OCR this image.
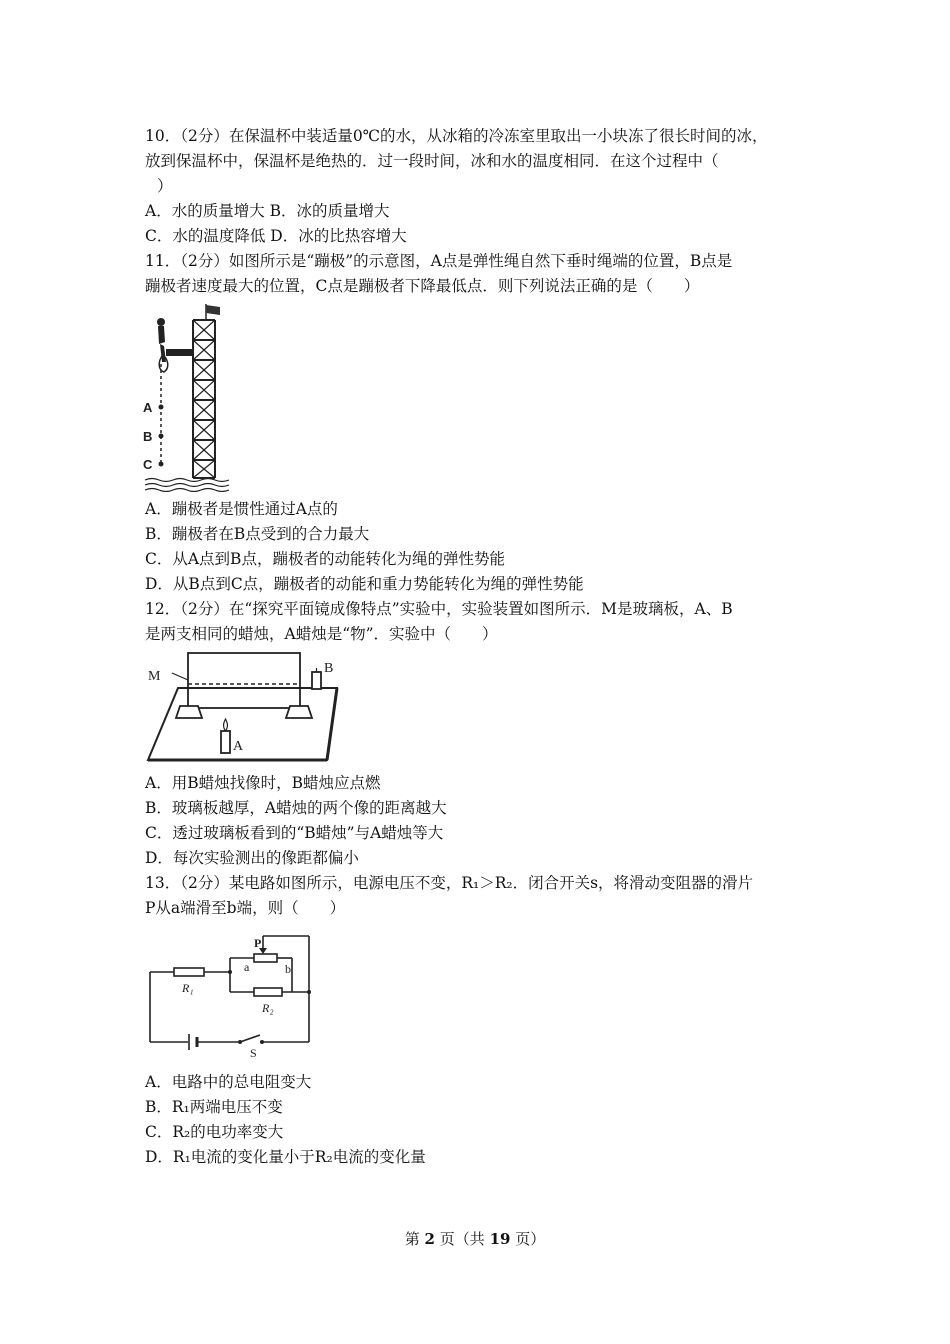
10．（2分）在保温杯中装适量0℃的水，从冰箱的冷冻室里取出一小块冻了很长时间的冰，
放到保温杯中，保温杯是绝热的．过一段时间，冰和水的温度相同．在这个过程中（
）
A．水的质量增大 B．冰的质量增大
C．水的温度降低 D．冰的比热容增大
11．（2分）如图所示是“蹦极”的示意图，A点是弹性绳自然下垂时绳端的位置，B点是
蹦极者速度最大的位置，C点是蹦极者下降最低点．则下列说法正确的是（　　）
A
B
C
A．蹦极者是惯性通过A点的
B．蹦极者在B点受到的合力最大
C．从A点到B点，蹦极者的动能转化为绳的弹性势能
D．从B点到C点，蹦极者的动能和重力势能转化为绳的弹性势能
12．（2分）在“探究平面镜成像特点”实验中，实验装置如图所示．M是玻璃板，A、B
是两支相同的蜡烛，A蜡烛是“物”．实验中（　　）
M
B
A
A．用B蜡烛找像时，B蜡烛应点燃
B．玻璃板越厚，A蜡烛的两个像的距离越大
C．透过玻璃板看到的“B蜡烛”与A蜡烛等大
D．每次实验测出的像距都偏小
13．（2分）某电路如图所示，电源电压不变，R₁＞R₂．闭合开关s，将滑动变阻器的滑片
P从a端滑至b端，则（　　）
P
a	b
R₁
R₂
S
A．电路中的总电阻变大
B．R₁两端电压不变
C．R₂的电功率变大
D．R₁电流的变化量小于R₂电流的变化量
第 2 页（共 19 页）
